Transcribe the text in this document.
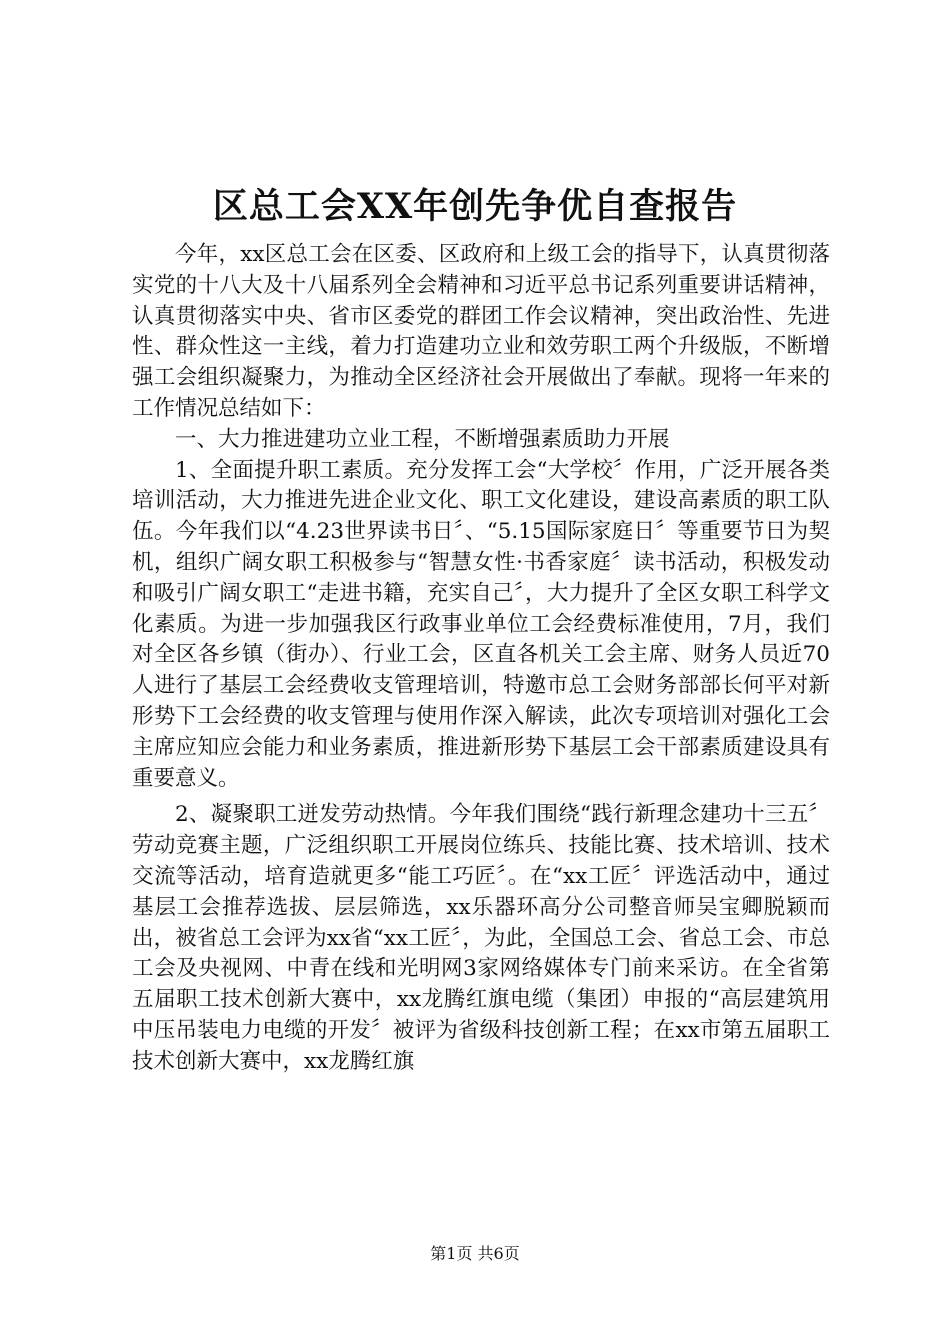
区总工会XX年创先争优自查报告

今年，xx区总工会在区委、区政府和上级工会的指导下，认真贯彻落实党的十八大及十八届系列全会精神和习近平总书记系列重要讲话精神，认真贯彻落实中央、省市区委党的群团工作会议精神，突出政治性、先进性、群众性这一主线，着力打造建功立业和效劳职工两个升级版，不断增强工会组织凝聚力，为推动全区经济社会开展做出了奉献。现将一年来的工作情况总结如下：

一、大力推进建功立业工程，不断增强素质助力开展

1、全面提升职工素质。充分发挥工会“大学校〞作用，广泛开展各类培训活动，大力推进先进企业文化、职工文化建设，建设高素质的职工队伍。今年我们以“4.23世界读书日〞、“5.15国际家庭日〞等重要节日为契机，组织广阔女职工积极参与“智慧女性·书香家庭〞读书活动，积极发动和吸引广阔女职工“走进书籍，充实自己〞，大力提升了全区女职工科学文化素质。为进一步加强我区行政事业单位工会经费标准使用，7月，我们对全区各乡镇（街办）、行业工会，区直各机关工会主席、财务人员近70人进行了基层工会经费收支管理培训，特邀市总工会财务部部长何平对新形势下工会经费的收支管理与使用作深入解读，此次专项培训对强化工会主席应知应会能力和业务素质，推进新形势下基层工会干部素质建设具有重要意义。

2、凝聚职工迸发劳动热情。今年我们围绕“践行新理念建功十三五〞劳动竞赛主题，广泛组织职工开展岗位练兵、技能比赛、技术培训、技术交流等活动，培育造就更多“能工巧匠〞。在“xx工匠〞评选活动中，通过基层工会推荐选拔、层层筛选，xx乐器环高分公司整音师吴宝卿脱颖而出，被省总工会评为xx省“xx工匠〞，为此，全国总工会、省总工会、市总工会及央视网、中青在线和光明网3家网络媒体专门前来采访。在全省第五届职工技术创新大赛中，xx龙腾红旗电缆（集团）申报的“高层建筑用中压吊装电力电缆的开发〞被评为省级科技创新工程；在xx市第五届职工技术创新大赛中，xx龙腾红旗

第1页 共6页
